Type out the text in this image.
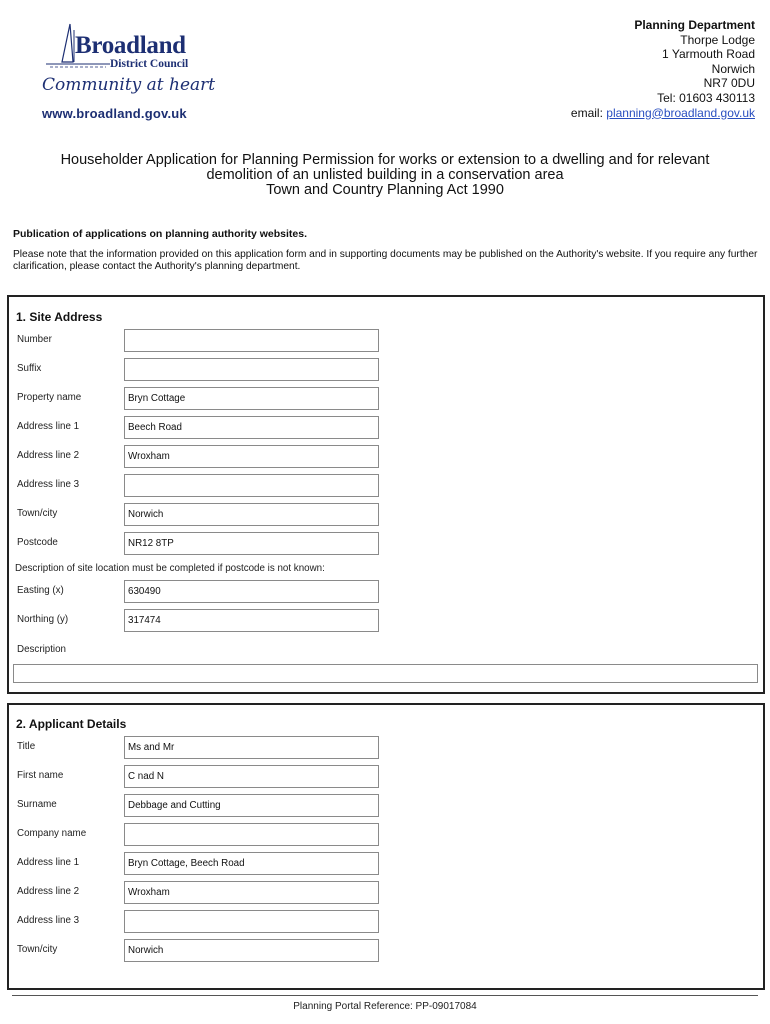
Broadland
District Council
Community at heart
www.broadland.gov.uk
Planning Department
Thorpe Lodge
1 Yarmouth Road
Norwich
NR7 0DU
Tel: 01603 430113
email: planning@broadland.gov.uk
Householder Application for Planning Permission for works or extension to a dwelling and for relevant
demolition of an unlisted building in a conservation area
Town and Country Planning Act 1990
Publication of applications on planning authority websites.
Please note that the information provided on this application form and in supporting documents may be published on the Authority's website. If you require any further clarification, please contact the Authority's planning department.
1. Site Address
Number
Suffix
Property name	Bryn Cottage
Address line 1	Beech Road
Address line 2	Wroxham
Address line 3
Town/city	Norwich
Postcode	NR12 8TP
Description of site location must be completed if postcode is not known:
Easting (x)	630490
Northing (y)	317474
Description
2. Applicant Details
Title	Ms and Mr
First name	C nad N
Surname	Debbage and Cutting
Company name
Address line 1	Bryn Cottage, Beech Road
Address line 2	Wroxham
Address line 3
Town/city	Norwich
Planning Portal Reference: PP-09017084
